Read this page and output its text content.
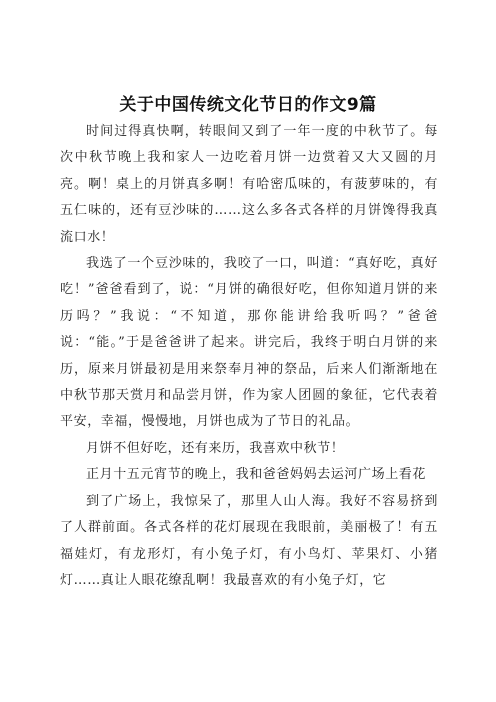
关于中国传统文化节日的作文9篇

时间过得真快啊，转眼间又到了一年一度的中秋节了。每次中秋节晚上我和家人一边吃着月饼一边赏着又大又圆的月亮。啊！桌上的月饼真多啊！有哈密瓜味的，有菠萝味的，有五仁味的，还有豆沙味的……这么多各式各样的月饼馋得我真流口水！

我选了一个豆沙味的，我咬了一口，叫道：“真好吃，真好吃！”爸爸看到了，说：“月饼的确很好吃，但你知道月饼的来历吗？”我说：“不知道，那你能讲给我听吗？”爸爸说：“能。”于是爸爸讲了起来。讲完后，我终于明白月饼的来历，原来月饼最初是用来祭奉月神的祭品，后来人们渐渐地在中秋节那天赏月和品尝月饼，作为家人团圆的象征，它代表着平安，幸福，慢慢地，月饼也成为了节日的礼品。

月饼不但好吃，还有来历，我喜欢中秋节！

正月十五元宵节的晚上，我和爸爸妈妈去运河广场上看花

到了广场上，我惊呆了，那里人山人海。我好不容易挤到了人群前面。各式各样的花灯展现在我眼前，美丽极了！有五福娃灯，有龙形灯，有小兔子灯，有小鸟灯、苹果灯、小猪灯……真让人眼花缭乱啊！我最喜欢的有小兔子灯，它
